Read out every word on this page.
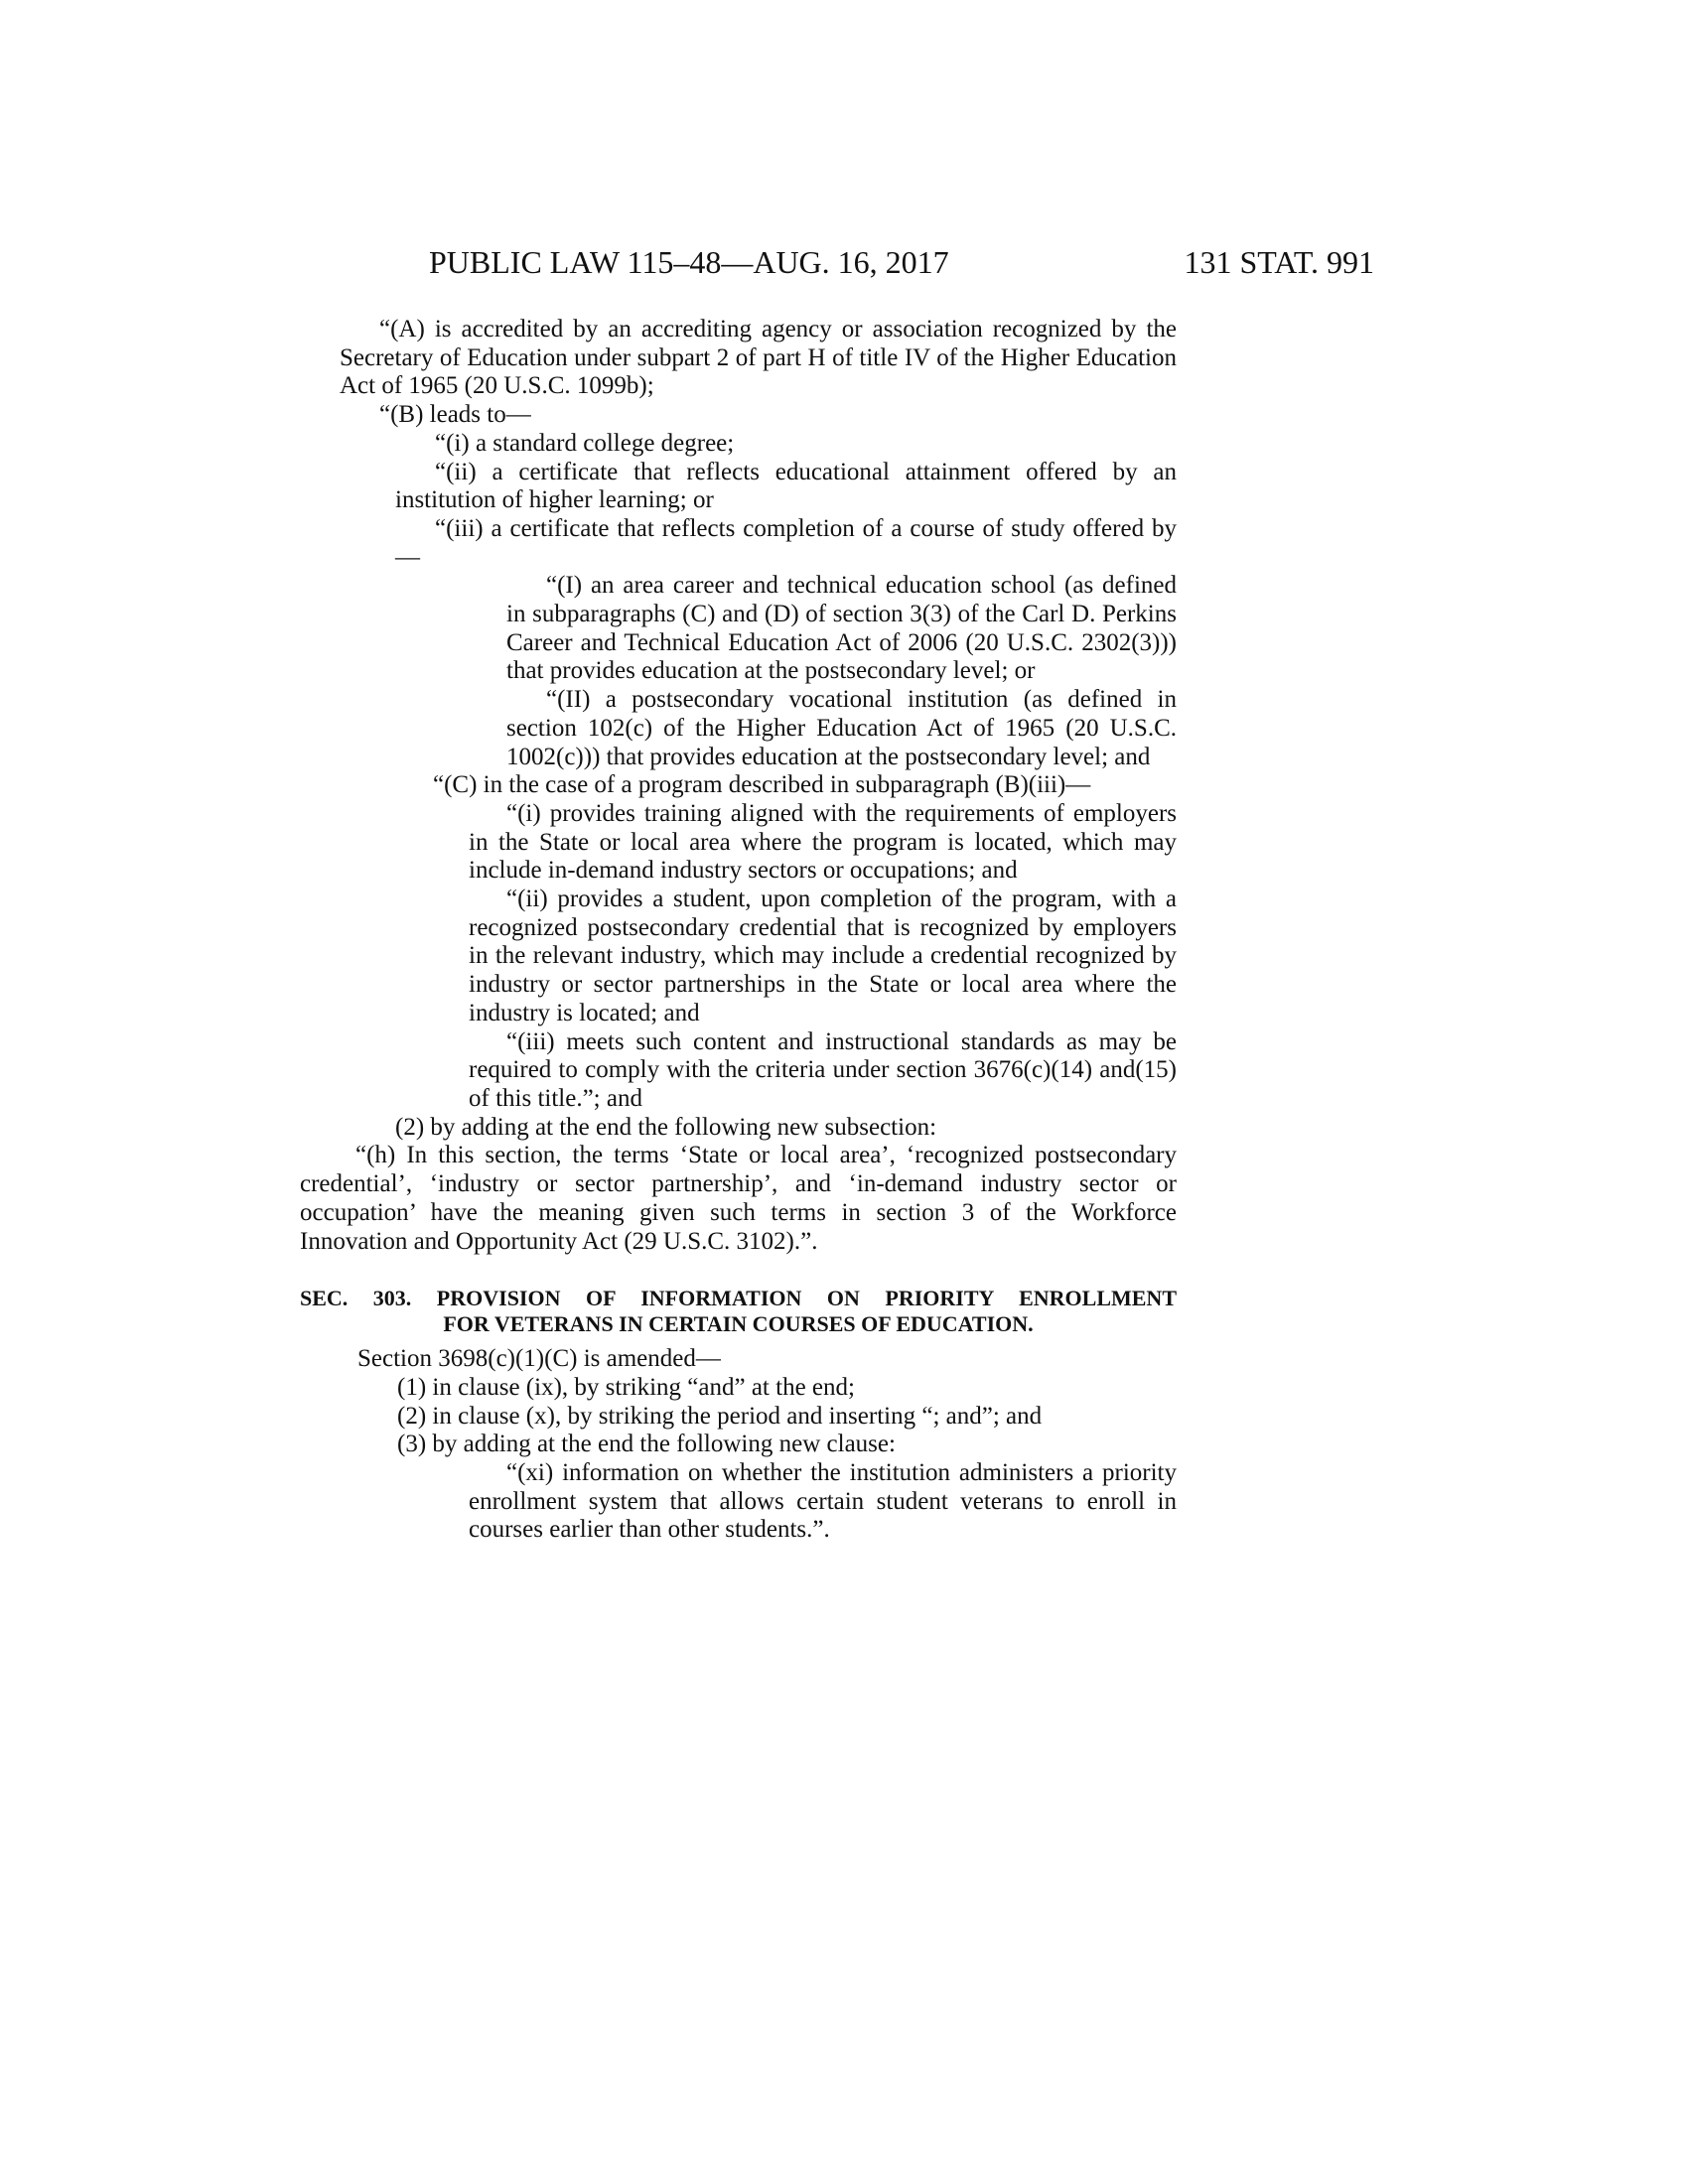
PUBLIC LAW 115–48—AUG. 16, 2017	131 STAT. 991

“(A) is accredited by an accrediting agency or association recognized by the Secretary of Education under subpart 2 of part H of title IV of the Higher Education Act of 1965 (20 U.S.C. 1099b);

“(B) leads to—

“(i) a standard college degree;

“(ii) a certificate that reflects educational attainment offered by an institution of higher learning; or

“(iii) a certificate that reflects completion of a course of study offered by—

“(I) an area career and technical education school (as defined in subparagraphs (C) and (D) of section 3(3) of the Carl D. Perkins Career and Technical Education Act of 2006 (20 U.S.C. 2302(3))) that provides education at the postsecondary level; or

“(II) a postsecondary vocational institution (as defined in section 102(c) of the Higher Education Act of 1965 (20 U.S.C. 1002(c))) that provides education at the postsecondary level; and

“(C) in the case of a program described in subparagraph (B)(iii)—

“(i) provides training aligned with the requirements of employers in the State or local area where the program is located, which may include in-demand industry sectors or occupations; and

“(ii) provides a student, upon completion of the program, with a recognized postsecondary credential that is recognized by employers in the relevant industry, which may include a credential recognized by industry or sector partnerships in the State or local area where the industry is located; and

“(iii) meets such content and instructional standards as may be required to comply with the criteria under section 3676(c)(14) and(15) of this title.”; and

(2) by adding at the end the following new subsection:

“(h) In this section, the terms ‘State or local area’, ‘recognized postsecondary credential’, ‘industry or sector partnership’, and ‘in-demand industry sector or occupation’ have the meaning given such terms in section 3 of the Workforce Innovation and Opportunity Act (29 U.S.C. 3102).”.

SEC. 303. PROVISION OF INFORMATION ON PRIORITY ENROLLMENT
FOR VETERANS IN CERTAIN COURSES OF EDUCATION.

Section 3698(c)(1)(C) is amended—

(1) in clause (ix), by striking “and” at the end;

(2) in clause (x), by striking the period and inserting “; and”; and

(3) by adding at the end the following new clause:

“(xi) information on whether the institution administers a priority enrollment system that allows certain student veterans to enroll in courses earlier than other students.”.
